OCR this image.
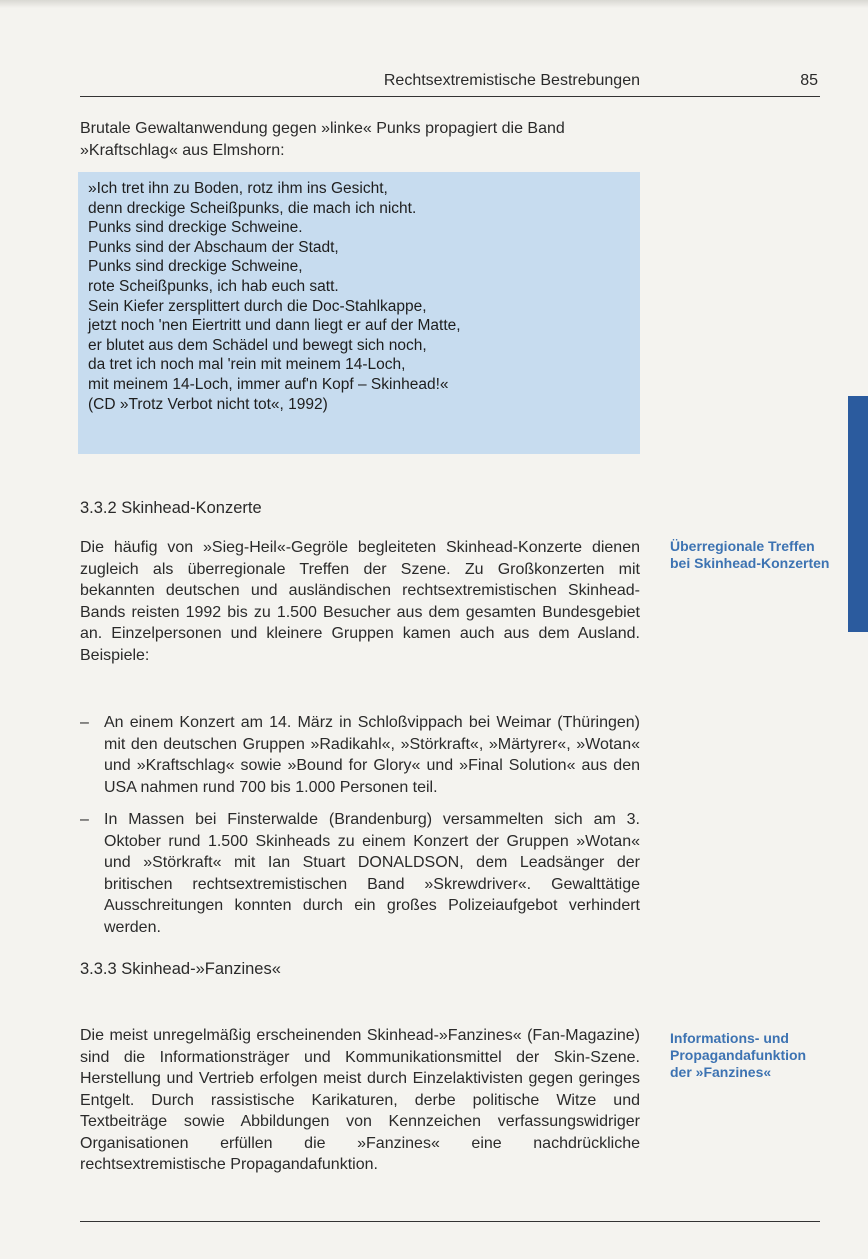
Rechtsextremistische Bestrebungen	85

Brutale Gewaltanwendung gegen »linke« Punks propagiert die Band »Kraftschlag« aus Elmshorn:

»Ich tret ihn zu Boden, rotz ihm ins Gesicht,
denn dreckige Scheißpunks, die mach ich nicht.
Punks sind dreckige Schweine.
Punks sind der Abschaum der Stadt,
Punks sind dreckige Schweine,
rote Scheißpunks, ich hab euch satt.
Sein Kiefer zersplittert durch die Doc-Stahlkappe,
jetzt noch 'nen Eiertritt und dann liegt er auf der Matte,
er blutet aus dem Schädel und bewegt sich noch,
da tret ich noch mal 'rein mit meinem 14-Loch,
mit meinem 14-Loch, immer auf'n Kopf – Skinhead!«
(CD »Trotz Verbot nicht tot«, 1992)
3.3.2 Skinhead-Konzerte

Die häufig von »Sieg-Heil«-Gegröle begleiteten Skinhead-Konzerte dienen zugleich als überregionale Treffen der Szene. Zu Großkonzerten mit bekannten deutschen und ausländischen rechtsextremistischen Skinhead-Bands reisten 1992 bis zu 1.500 Besucher aus dem gesamten Bundesgebiet an. Einzelpersonen und kleinere Gruppen kamen auch aus dem Ausland. Beispiele:

Überregionale Treffen bei Skinhead-Konzerten
– An einem Konzert am 14. März in Schloßvippach bei Weimar (Thüringen) mit den deutschen Gruppen »Radikahl«, »Störkraft«, »Märtyrer«, »Wotan« und »Kraftschlag« sowie »Bound for Glory« und »Final Solution« aus den USA nahmen rund 700 bis 1.000 Personen teil.
– In Massen bei Finsterwalde (Brandenburg) versammelten sich am 3. Oktober rund 1.500 Skinheads zu einem Konzert der Gruppen »Wotan« und »Störkraft« mit Ian Stuart DONALDSON, dem Leadsänger der britischen rechtsextremistischen Band »Skrewdriver«. Gewalttätige Ausschreitungen konnten durch ein großes Polizeiaufgebot verhindert werden.
3.3.3 Skinhead-»Fanzines«

Die meist unregelmäßig erscheinenden Skinhead-»Fanzines« (Fan-Magazine) sind die Informationsträger und Kommunikationsmittel der Skin-Szene. Herstellung und Vertrieb erfolgen meist durch Einzelaktivisten gegen geringes Entgelt. Durch rassistische Karikaturen, derbe politische Witze und Textbeiträge sowie Abbildungen von Kennzeichen verfassungswidriger Organisationen erfüllen die »Fanzines« eine nachdrückliche rechtsextremistische Propagandafunktion.

Informations- und Propagandafunktion der »Fanzines«
